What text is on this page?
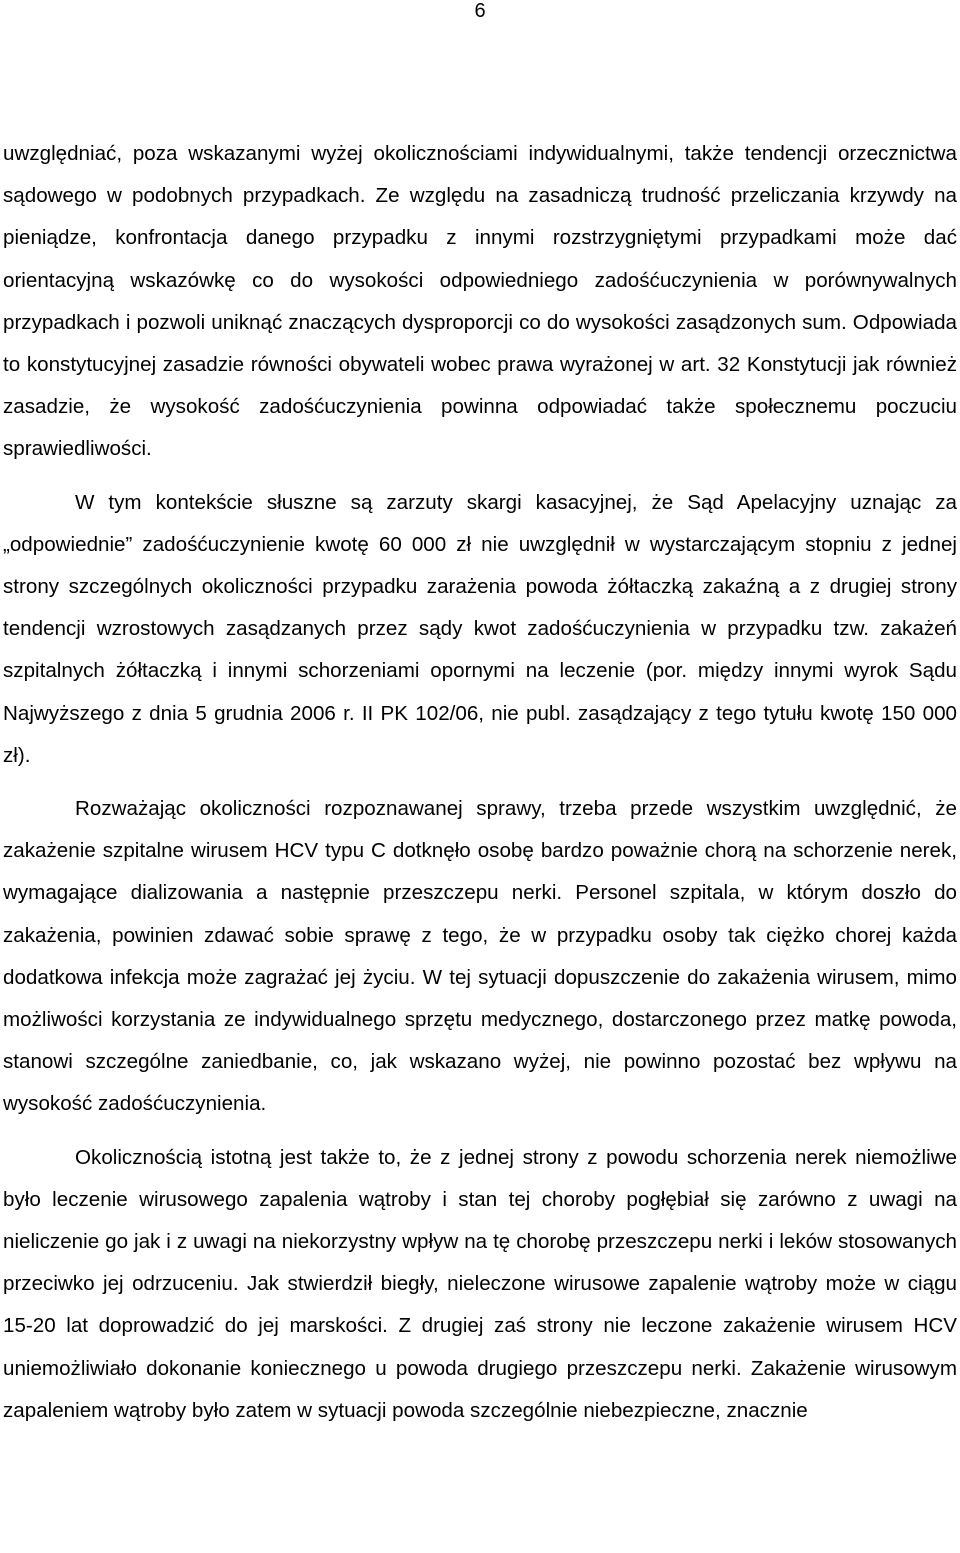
6

uwzględniać, poza wskazanymi wyżej okolicznościami indywidualnymi, także tendencji orzecznictwa sądowego w podobnych przypadkach. Ze względu na zasadniczą trudność przeliczania krzywdy na pieniądze, konfrontacja danego przypadku z innymi rozstrzygniętymi przypadkami może dać orientacyjną wskazówkę co do wysokości odpowiedniego zadośćuczynienia w porównywalnych przypadkach i pozwoli uniknąć znaczących dysproporcji co do wysokości zasądzonych sum. Odpowiada to konstytucyjnej zasadzie równości obywateli wobec prawa wyrażonej w art. 32 Konstytucji jak również zasadzie, że wysokość zadośćuczynienia powinna odpowiadać także społecznemu poczuciu sprawiedliwości.

W tym kontekście słuszne są zarzuty skargi kasacyjnej, że Sąd Apelacyjny uznając za „odpowiednie” zadośćuczynienie kwotę 60 000 zł nie uwzględnił w wystarczającym stopniu z jednej strony szczególnych okoliczności przypadku zarażenia powoda żółtaczką zakaźną a z drugiej strony tendencji wzrostowych zasądzanych przez sądy kwot zadośćuczynienia w przypadku tzw. zakażeń szpitalnych żółtaczką i innymi schorzeniami opornymi na leczenie (por. między innymi wyrok Sądu Najwyższego z dnia 5 grudnia 2006 r. II PK 102/06, nie publ. zasądzający z tego tytułu kwotę 150 000 zł).

Rozważając okoliczności rozpoznawanej sprawy, trzeba przede wszystkim uwzględnić, że zakażenie szpitalne wirusem HCV typu C dotknęło osobę bardzo poważnie chorą na schorzenie nerek, wymagające dializowania a następnie przeszczepu nerki. Personel szpitala, w którym doszło do zakażenia, powinien zdawać sobie sprawę z tego, że w przypadku osoby tak ciężko chorej każda dodatkowa infekcja może zagrażać jej życiu. W tej sytuacji dopuszczenie do zakażenia wirusem, mimo możliwości korzystania ze indywidualnego sprzętu medycznego, dostarczonego przez matkę powoda, stanowi szczególne zaniedbanie, co, jak wskazano wyżej, nie powinno pozostać bez wpływu na wysokość zadośćuczynienia.

Okolicznością istotną jest także to, że z jednej strony z powodu schorzenia nerek niemożliwe było leczenie wirusowego zapalenia wątroby i stan tej choroby pogłębiał się zarówno z uwagi na nieliczenie go jak i z uwagi na niekorzystny wpływ na tę chorobę przeszczepu nerki i leków stosowanych przeciwko jej odrzuceniu. Jak stwierdził biegły, nieleczone wirusowe zapalenie wątroby może w ciągu 15-20 lat doprowadzić do jej marskości. Z drugiej zaś strony nie leczone zakażenie wirusem HCV uniemożliwiało dokonanie koniecznego u powoda drugiego przeszczepu nerki. Zakażenie wirusowym zapaleniem wątroby było zatem w sytuacji powoda szczególnie niebezpieczne, znacznie
